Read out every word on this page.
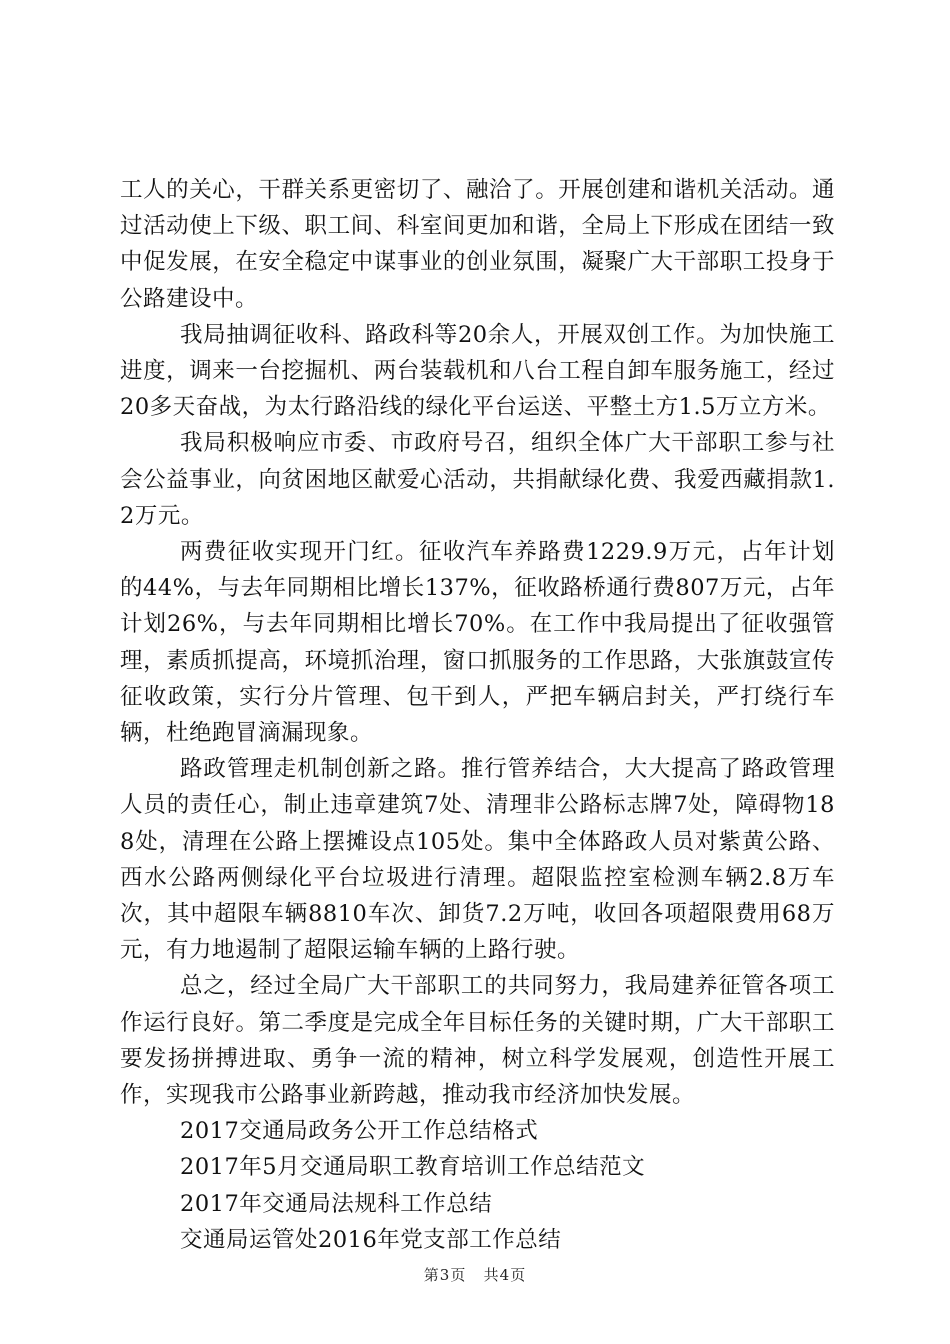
工人的关心，干群关系更密切了、融洽了。开展创建和谐机关活动。通过活动使上下级、职工间、科室间更加和谐，全局上下形成在团结一致中促发展，在安全稳定中谋事业的创业氛围，凝聚广大干部职工投身于公路建设中。

我局抽调征收科、路政科等20余人，开展双创工作。为加快施工进度，调来一台挖掘机、两台装载机和八台工程自卸车服务施工，经过20多天奋战，为太行路沿线的绿化平台运送、平整土方1.5万立方米。

我局积极响应市委、市政府号召，组织全体广大干部职工参与社会公益事业，向贫困地区献爱心活动，共捐献绿化费、我爱西藏捐款1.2万元。

两费征收实现开门红。征收汽车养路费1229.9万元，占年计划的44%，与去年同期相比增长137%，征收路桥通行费807万元，占年计划26%，与去年同期相比增长70%。在工作中我局提出了征收强管理，素质抓提高，环境抓治理，窗口抓服务的工作思路，大张旗鼓宣传征收政策，实行分片管理、包干到人，严把车辆启封关，严打绕行车辆，杜绝跑冒滴漏现象。

路政管理走机制创新之路。推行管养结合，大大提高了路政管理人员的责任心，制止违章建筑7处、清理非公路标志牌7处，障碍物188处，清理在公路上摆摊设点105处。集中全体路政人员对紫黄公路、西水公路两侧绿化平台垃圾进行清理。超限监控室检测车辆2.8万车次，其中超限车辆8810车次、卸货7.2万吨，收回各项超限费用68万元，有力地遏制了超限运输车辆的上路行驶。

总之，经过全局广大干部职工的共同努力，我局建养征管各项工作运行良好。第二季度是完成全年目标任务的关键时期，广大干部职工要发扬拼搏进取、勇争一流的精神，树立科学发展观，创造性开展工作，实现我市公路事业新跨越，推动我市经济加快发展。

2017交通局政务公开工作总结格式

2017年5月交通局职工教育培训工作总结范文

2017年交通局法规科工作总结

交通局运管处2016年党支部工作总结

第3页 共4页
